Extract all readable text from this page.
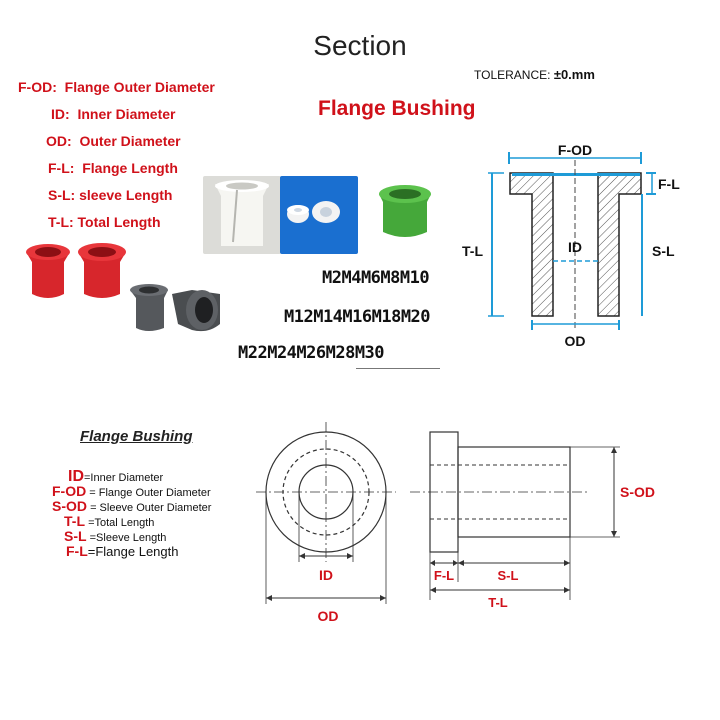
Section
TOLERANCE: ±0.mm
F-OD: Flange Outer Diameter
ID: Inner Diameter
OD: Outer Diameter
F-L: Flange Length
S-L: sleeve Length
T-L: Total Length
Flange Bushing
M2M4M6M8M10
M12M14M16M18M20
M22M24M26M28M30
F-OD
F-L
T-L	S-L
ID
OD
Flange Bushing
ID=Inner Diameter
F-OD = Flange Outer Diameter
S-OD = Sleeve Outer Diameter
T-L =Total Length
S-L =Sleeve Length
F-L=Flange Length
ID
OD
S-OD
F-L	S-L
T-L
